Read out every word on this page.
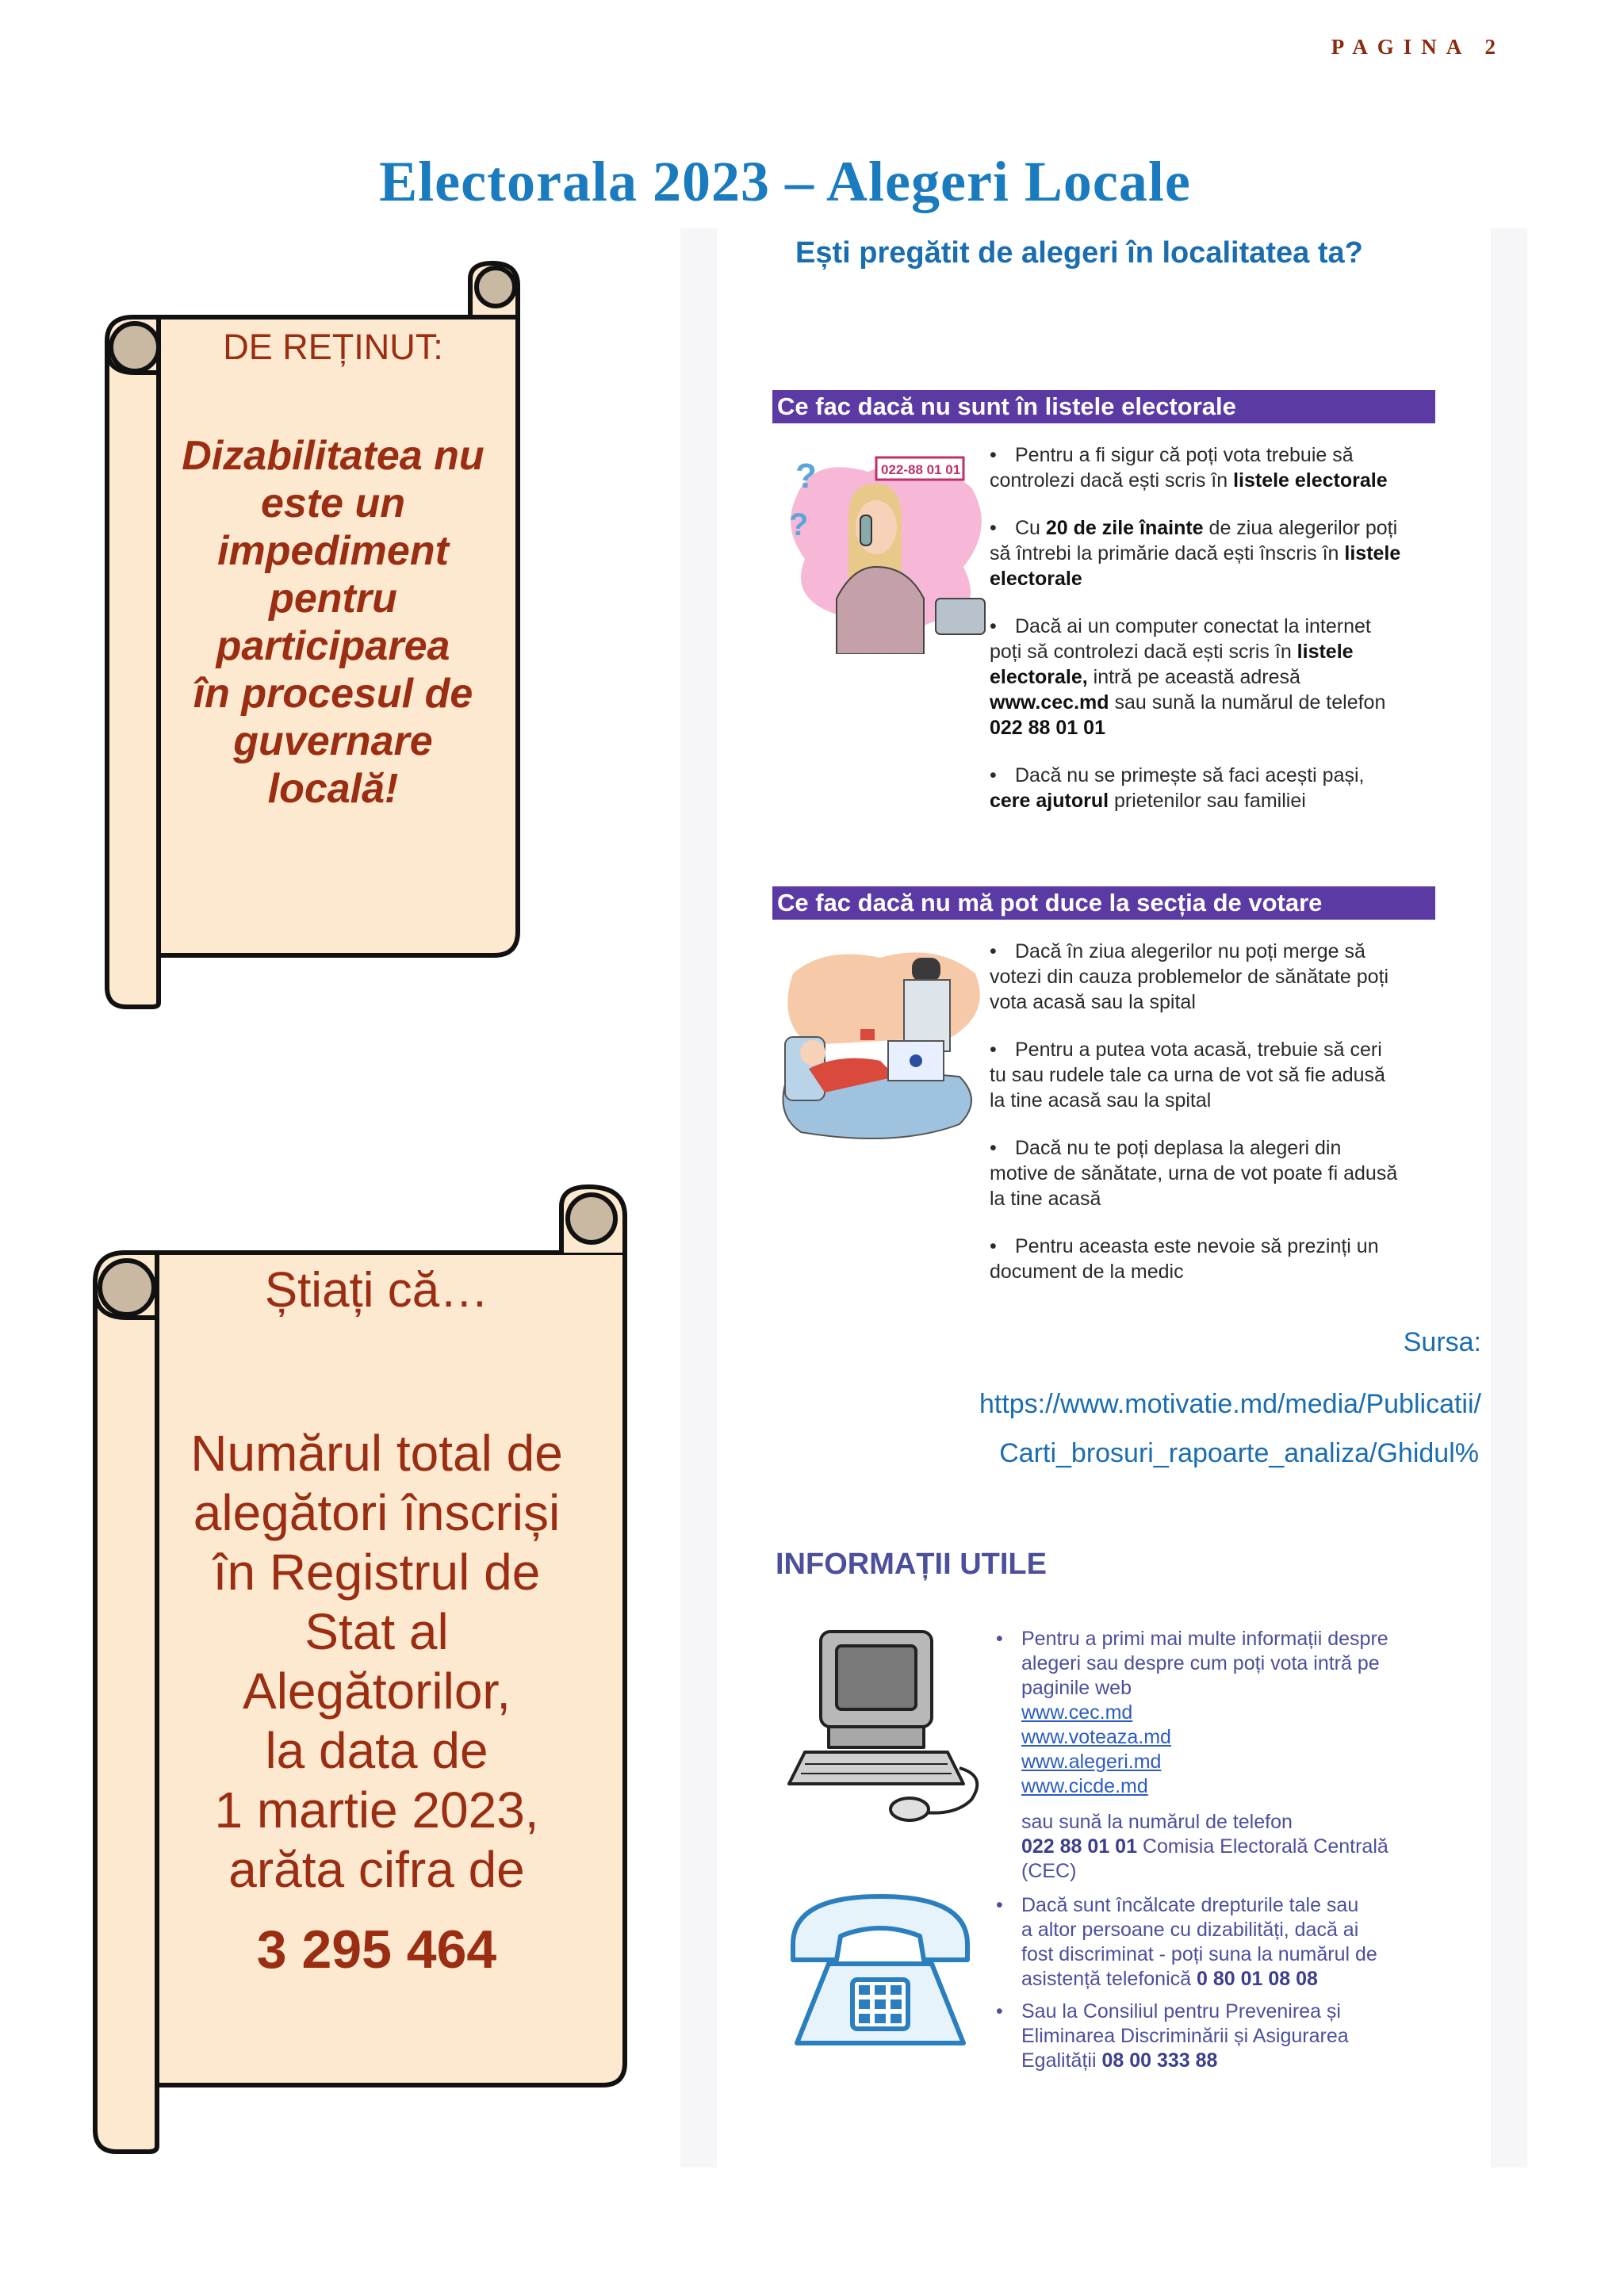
PAGINA 2
Electorala 2023 – Alegeri Locale
DE REȚINUT:
Dizabilitatea nu
este un
impediment
pentru
participarea
în procesul de
guvernare
locală!
Știați că…
Numărul total de
alegători înscriși
în Registrul de
Stat al
Alegătorilor,
la data de
1 martie 2023,
arăta cifra de
3 295 464
Ești pregătit de alegeri în localitatea ta?
Ce fac dacă nu sunt în listele electorale
?
?
022-88 01 01
• Pentru a fi sigur că poți vota trebuie să
controlezi dacă ești scris în listele electorale
• Cu 20 de zile înainte de ziua alegerilor poți
să întrebi la primărie dacă ești înscris în listele
electorale
• Dacă ai un computer conectat la internet
poți să controlezi dacă ești scris în listele
electorale, intră pe această adresă
www.cec.md sau sună la numărul de telefon
022 88 01 01
• Dacă nu se primește să faci acești pași,
cere ajutorul prietenilor sau familiei
Ce fac dacă nu mă pot duce la secția de votare
• Dacă în ziua alegerilor nu poți merge să
votezi din cauza problemelor de sănătate poți
vota acasă sau la spital
• Pentru a putea vota acasă, trebuie să ceri
tu sau rudele tale ca urna de vot să fie adusă
la tine acasă sau la spital
• Dacă nu te poți deplasa la alegeri din
motive de sănătate, urna de vot poate fi adusă
la tine acasă
• Pentru aceasta este nevoie să prezinți un
document de la medic
Sursa:
https://www.motivatie.md/media/Publicatii/
Carti_brosuri_rapoarte_analiza/Ghidul%
INFORMAȚII UTILE
• Pentru a primi mai multe informații despre
alegeri sau despre cum poți vota intră pe
paginile web
www.cec.md
www.voteaza.md
www.alegeri.md
www.cicde.md
sau sună la numărul de telefon
022 88 01 01 Comisia Electorală Centrală
(CEC)
• Dacă sunt încălcate drepturile tale sau
a altor persoane cu dizabilități, dacă ai
fost discriminat - poți suna la numărul de
asistență telefonică 0 80 01 08 08
• Sau la Consiliul pentru Prevenirea și
Eliminarea Discriminării și Asigurarea
Egalității 08 00 333 88
